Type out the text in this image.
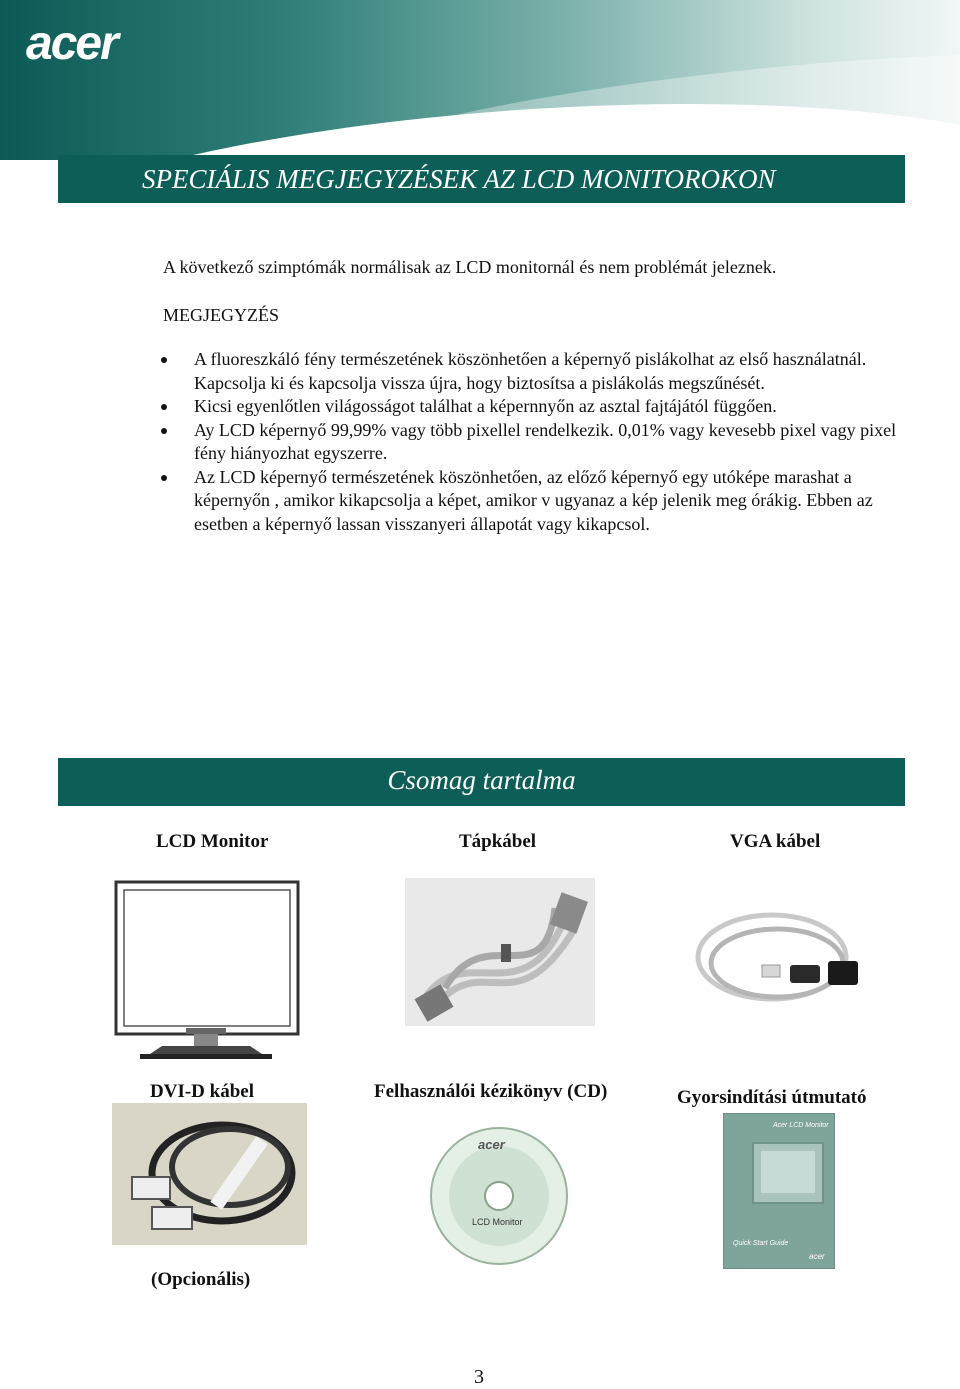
acer
SPECIÁLIS MEGJEGYZÉSEK AZ LCD MONITOROKON
A következő szimptómák normálisak az LCD monitornál és nem problémát jeleznek.
MEGJEGYZÉS
A fluoreszkáló fény természetének köszönhetően a képernyő pislákolhat az első használatnál. Kapcsolja ki és kapcsolja vissza újra, hogy biztosítsa a pislákolás megszűnését.
Kicsi egyenlőtlen világosságot találhat a képernnyőn az asztal fajtájától függően.
Ay LCD képernyő 99,99% vagy több pixellel rendelkezik. 0,01% vagy kevesebb pixel vagy pixel fény hiányozhat egyszerre.
Az LCD képernyő természetének köszönhetően, az előző képernyő egy utóképe marashat a képernyőn , amikor kikapcsolja a képet, amikor v ugyanaz a kép jelenik meg órákig. Ebben az esetben a képernyő lassan visszanyeri állapotát vagy kikapcsol.
Csomag tartalma
LCD Monitor	Tápkábel	VGA kábel
DVI-D kábel	Felhasználói kézikönyv (CD)	Gyorsindítási útmutató
acer
LCD Monitor
Acer LCD Monitor
Quick Start Guide
acer
(Opcionális)
3
